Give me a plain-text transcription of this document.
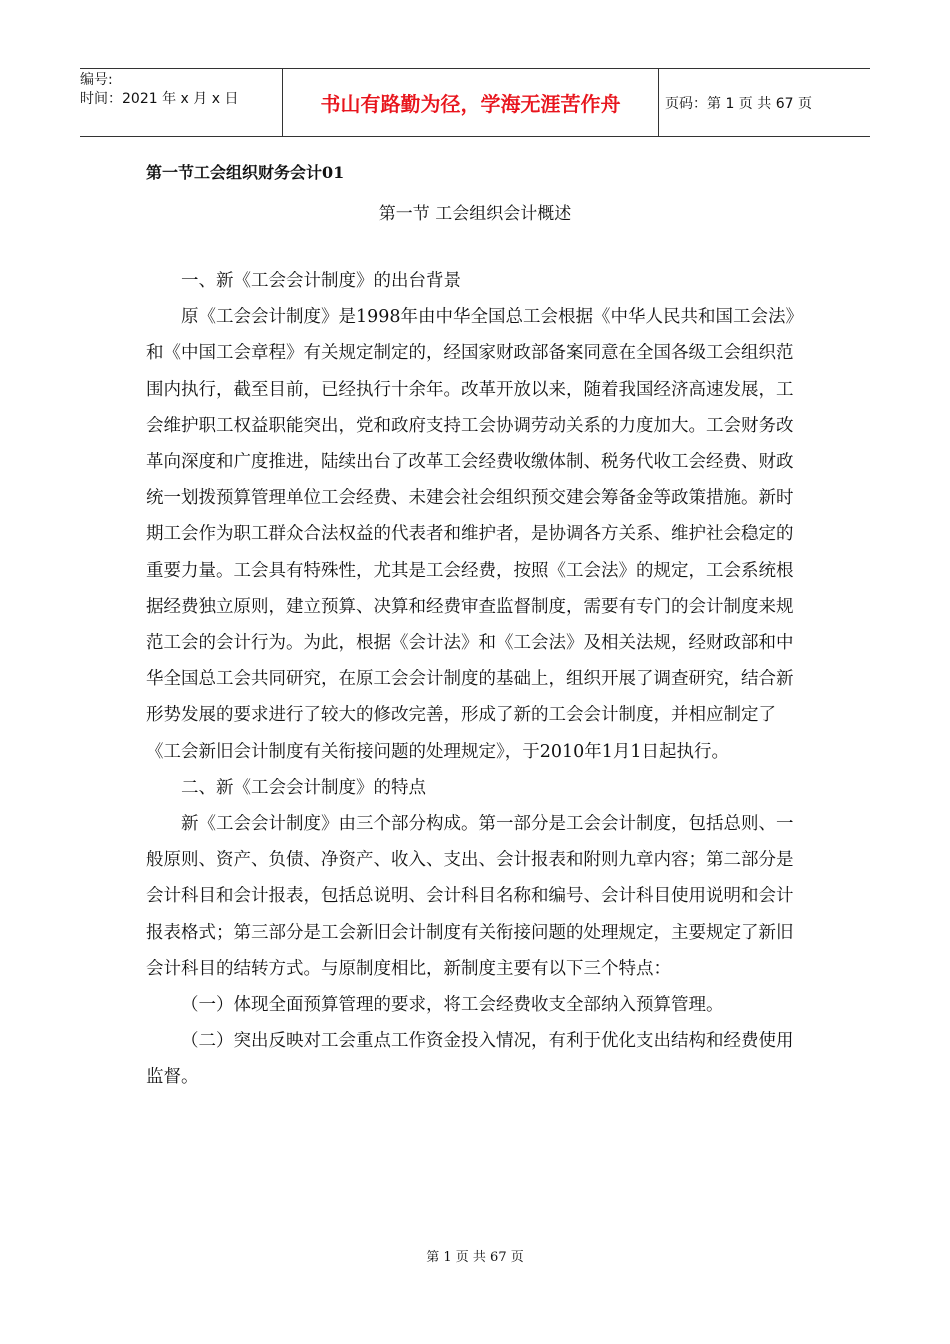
编号:
时间：2021 年 x 月 x 日	书山有路勤为径，学海无涯苦作舟	页码：第 1 页 共 67 页
第一节工会组织财务会计01
第一节 工会组织会计概述

一、新《工会会计制度》的出台背景

原《工会会计制度》是1998年由中华全国总工会根据《中华人民共和国工会法》和《中国工会章程》有关规定制定的，经国家财政部备案同意在全国各级工会组织范围内执行，截至目前，已经执行十余年。改革开放以来，随着我国经济高速发展，工会维护职工权益职能突出，党和政府支持工会协调劳动关系的力度加大。工会财务改革向深度和广度推进，陆续出台了改革工会经费收缴体制、税务代收工会经费、财政统一划拨预算管理单位工会经费、未建会社会组织预交建会筹备金等政策措施。新时期工会作为职工群众合法权益的代表者和维护者，是协调各方关系、维护社会稳定的重要力量。工会具有特殊性，尤其是工会经费，按照《工会法》的规定，工会系统根据经费独立原则，建立预算、决算和经费审查监督制度，需要有专门的会计制度来规范工会的会计行为。为此，根据《会计法》和《工会法》及相关法规，经财政部和中华全国总工会共同研究，在原工会会计制度的基础上，组织开展了调查研究，结合新形势发展的要求进行了较大的修改完善，形成了新的工会会计制度，并相应制定了《工会新旧会计制度有关衔接问题的处理规定》，于2010年1月1日起执行。

二、新《工会会计制度》的特点

新《工会会计制度》由三个部分构成。第一部分是工会会计制度，包括总则、一般原则、资产、负债、净资产、收入、支出、会计报表和附则九章内容；第二部分是会计科目和会计报表，包括总说明、会计科目名称和编号、会计科目使用说明和会计报表格式；第三部分是工会新旧会计制度有关衔接问题的处理规定，主要规定了新旧会计科目的结转方式。与原制度相比，新制度主要有以下三个特点：

（一）体现全面预算管理的要求，将工会经费收支全部纳入预算管理。

（二）突出反映对工会重点工作资金投入情况，有利于优化支出结构和经费使用监督。

第 1 页 共 67 页
